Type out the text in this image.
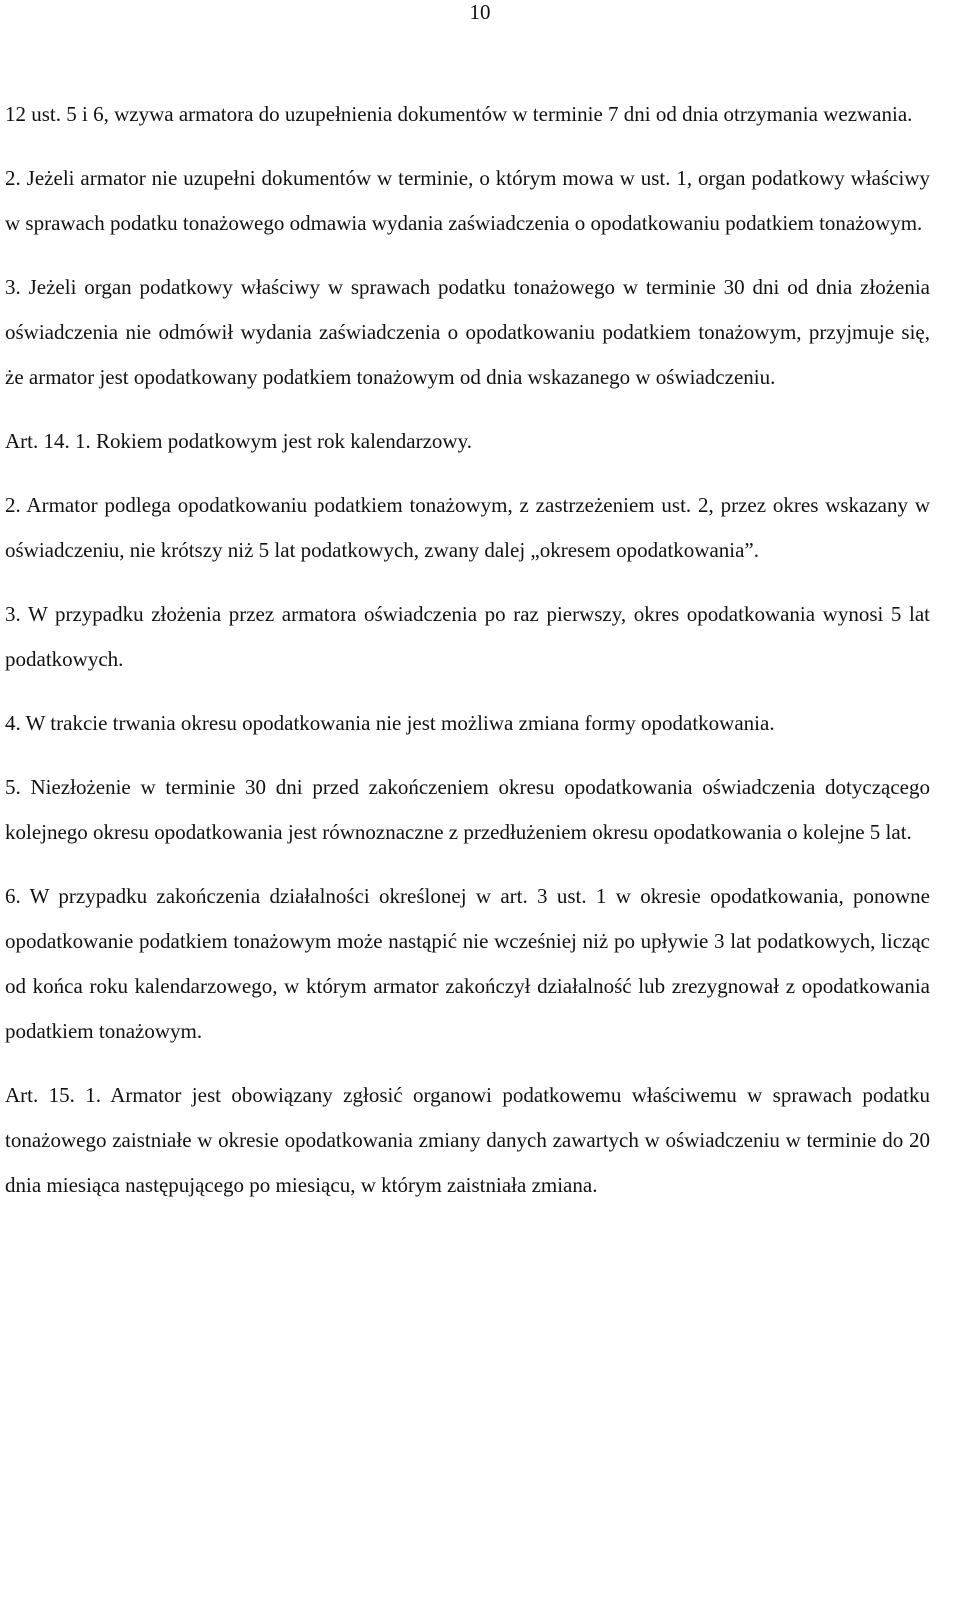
10

12 ust. 5 i 6, wzywa armatora do uzupełnienia dokumentów w terminie 7 dni od dnia otrzymania wezwania.

2. Jeżeli armator nie uzupełni dokumentów w terminie, o którym mowa w ust. 1, organ podatkowy właściwy w sprawach podatku tonażowego odmawia wydania zaświadczenia o opodatkowaniu podatkiem tonażowym.

3. Jeżeli organ podatkowy właściwy w sprawach podatku tonażowego w terminie 30 dni od dnia złożenia oświadczenia nie odmówił wydania zaświadczenia o opodatkowaniu podatkiem tonażowym, przyjmuje się, że armator jest opodatkowany podatkiem tonażowym od dnia wskazanego w oświadczeniu.

Art. 14. 1. Rokiem podatkowym jest rok kalendarzowy.

2. Armator podlega opodatkowaniu podatkiem tonażowym, z zastrzeżeniem ust. 2, przez okres wskazany w oświadczeniu, nie krótszy niż 5 lat podatkowych, zwany dalej „okresem opodatkowania”.

3. W przypadku złożenia przez armatora oświadczenia po raz pierwszy, okres opodatkowania wynosi 5 lat podatkowych.

4. W trakcie trwania okresu opodatkowania nie jest możliwa zmiana formy opodatkowania.

5. Niezłożenie w terminie 30 dni przed zakończeniem okresu opodatkowania oświadczenia dotyczącego kolejnego okresu opodatkowania jest równoznaczne z przedłużeniem okresu opodatkowania o kolejne 5 lat.

6. W przypadku zakończenia działalności określonej w art. 3 ust. 1 w okresie opodatkowania, ponowne opodatkowanie podatkiem tonażowym może nastąpić nie wcześniej niż po upływie 3 lat podatkowych, licząc od końca roku kalendarzowego, w którym armator zakończył działalność lub zrezygnował z opodatkowania podatkiem tonażowym.

Art. 15. 1. Armator jest obowiązany zgłosić organowi podatkowemu właściwemu w sprawach podatku tonażowego zaistniałe w okresie opodatkowania zmiany danych zawartych w oświadczeniu w terminie do 20 dnia miesiąca następującego po miesiącu, w którym zaistniała zmiana.
